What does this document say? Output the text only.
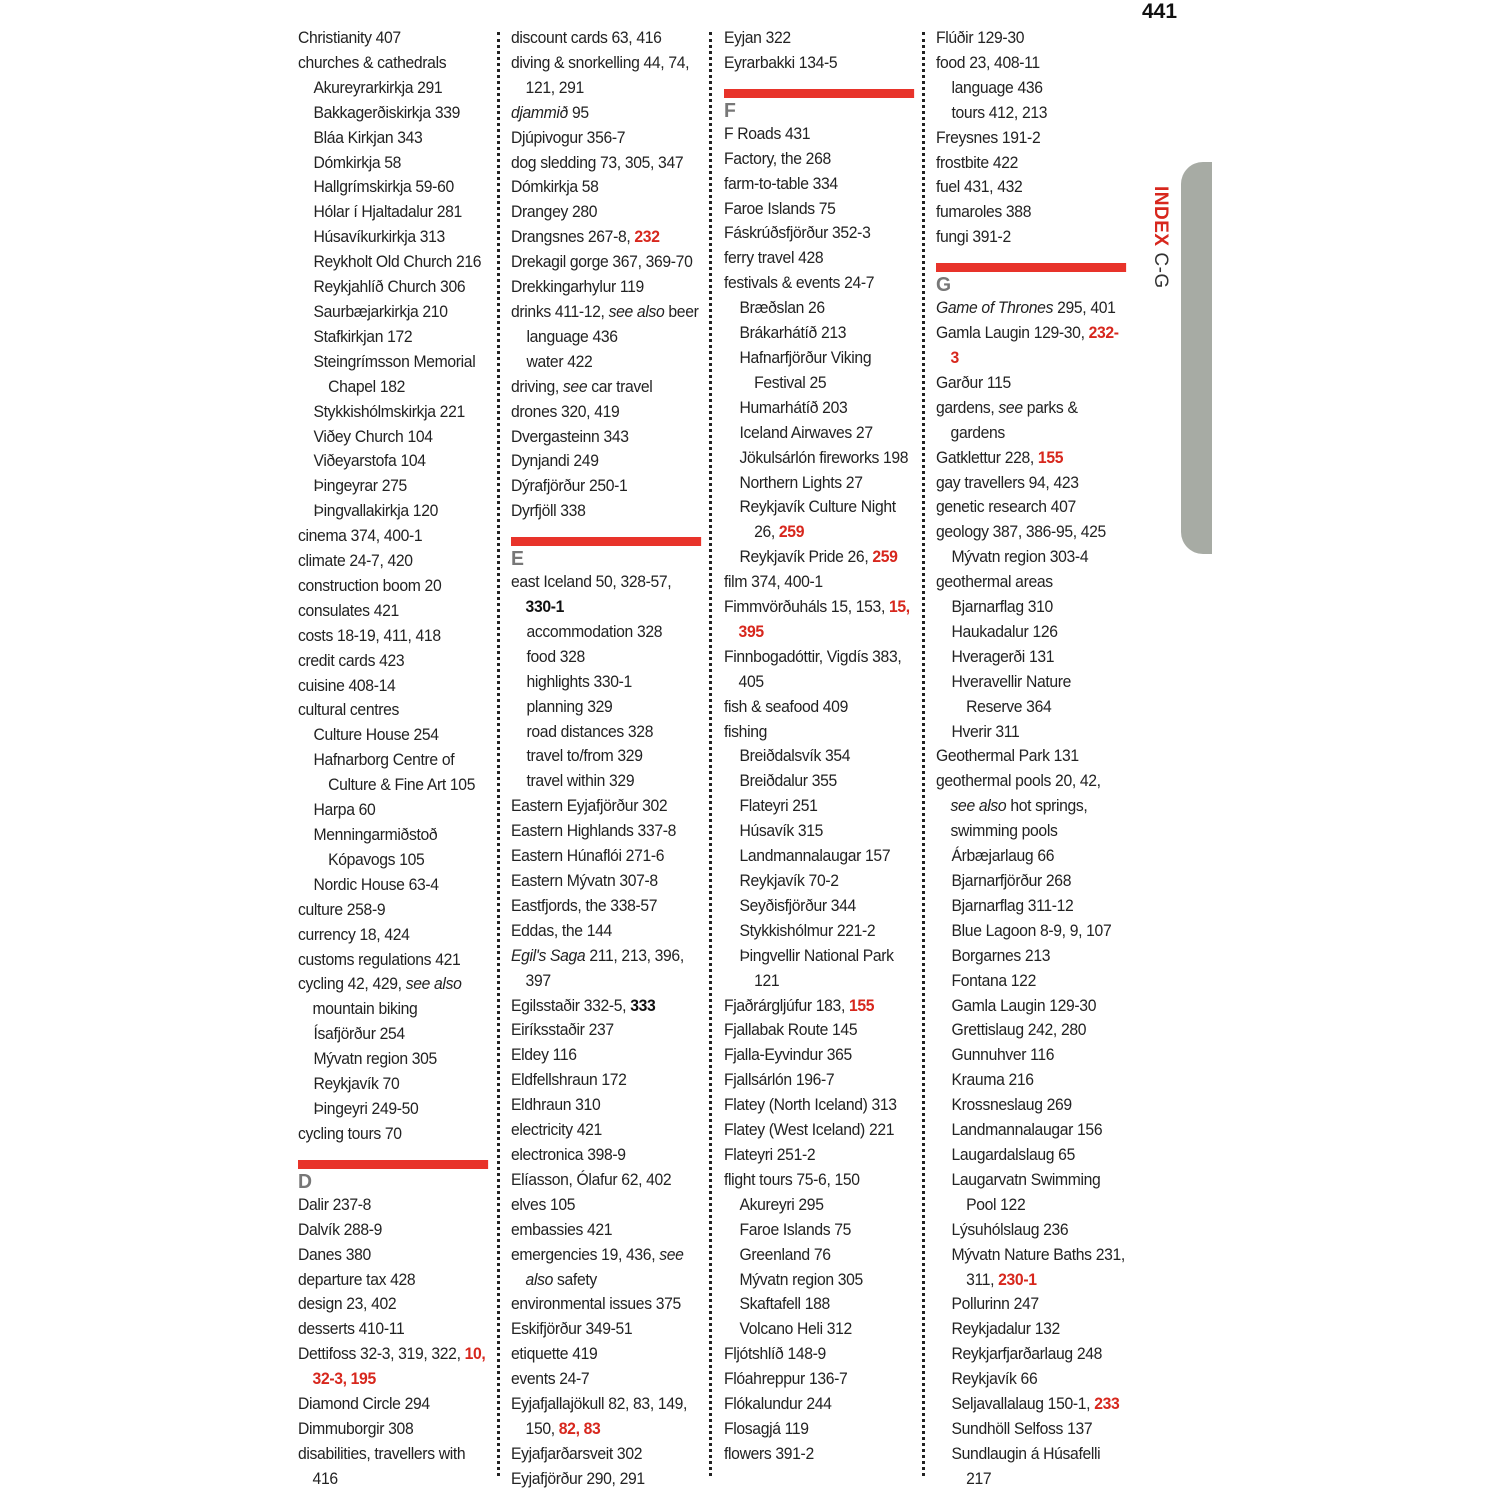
441
INDEX C-G
Christianity 407
churches & cathedrals
Akureyrarkirkja 291
Bakkagerðiskirkja 339
Bláa Kirkjan 343
Dómkirkja 58
Hallgrímskirkja 59-60
Hólar í Hjaltadalur 281
Húsavíkurkirkja 313
Reykholt Old Church 216
Reykjahlíð Church 306
Saurbæjarkirkja 210
Stafkirkjan 172
Steingrímsson Memorial Chapel 182
Stykkishólmskirkja 221
Viðey Church 104
Viðeyarstofa 104
Þingeyrar 275
Þingvallakirkja 120
cinema 374, 400-1
climate 24-7, 420
construction boom 20
consulates 421
costs 18-19, 411, 418
credit cards 423
cuisine 408-14
cultural centres
Culture House 254
Hafnarborg Centre of Culture & Fine Art 105
Harpa 60
Menningarmiðstoð Kópavogs 105
Nordic House 63-4
culture 258-9
currency 18, 424
customs regulations 421
cycling 42, 429, see also mountain biking
Ísafjörður 254
Mývatn region 305
Reykjavík 70
Þingeyri 249-50
cycling tours 70
D
Dalir 237-8
Dalvík 288-9
Danes 380
departure tax 428
design 23, 402
desserts 410-11
Dettifoss 32-3, 319, 322, 10, 32-3, 195
Diamond Circle 294
Dimmuborgir 308
disabilities, travellers with 416
discount cards 63, 416
diving & snorkelling 44, 74, 121, 291
djammið 95
Djúpivogur 356-7
dog sledding 73, 305, 347
Dómkirkja 58
Drangey 280
Drangsnes 267-8, 232
Drekagil gorge 367, 369-70
Drekkingarhylur 119
drinks 411-12, see also beer
language 436
water 422
driving, see car travel
drones 320, 419
Dvergasteinn 343
Dynjandi 249
Dýrafjörður 250-1
Dyrfjöll 338
E
east Iceland 50, 328-57, 330-1
accommodation 328
food 328
highlights 330-1
planning 329
road distances 328
travel to/from 329
travel within 329
Eastern Eyjafjörður 302
Eastern Highlands 337-8
Eastern Húnaflói 271-6
Eastern Mývatn 307-8
Eastfjords, the 338-57
Eddas, the 144
Egil's Saga 211, 213, 396, 397
Egilsstaðir 332-5, 333
Eiríksstaðir 237
Eldey 116
Eldfellshraun 172
Eldhraun 310
electricity 421
electronica 398-9
Elíasson, Ólafur 62, 402
elves 105
embassies 421
emergencies 19, 436, see also safety
environmental issues 375
Eskifjörður 349-51
etiquette 419
events 24-7
Eyjafjallajökull 82, 83, 149, 150, 82, 83
Eyjafjarðarsveit 302
Eyjafjörður 290, 291
Eyjan 322
Eyrarbakki 134-5
F
F Roads 431
Factory, the 268
farm-to-table 334
Faroe Islands 75
Fáskrúðsfjörður 352-3
ferry travel 428
festivals & events 24-7
Bræðslan 26
Brákarhátíð 213
Hafnarfjörður Viking Festival 25
Humarhátíð 203
Iceland Airwaves 27
Jökulsárlón fireworks 198
Northern Lights 27
Reykjavík Culture Night 26, 259
Reykjavík Pride 26, 259
film 374, 400-1
Fimmvörðuháls 15, 153, 15, 395
Finnbogadóttir, Vigdís 383, 405
fish & seafood 409
fishing
Breiðdalsvík 354
Breiðdalur 355
Flateyri 251
Húsavík 315
Landmannalaugar 157
Reykjavík 70-2
Seyðisfjörður 344
Stykkishólmur 221-2
Þingvellir National Park 121
Fjaðrárgljúfur 183, 155
Fjallabak Route 145
Fjalla-Eyvindur 365
Fjallsárlón 196-7
Flatey (North Iceland) 313
Flatey (West Iceland) 221
Flateyri 251-2
flight tours 75-6, 150
Akureyri 295
Faroe Islands 75
Greenland 76
Mývatn region 305
Skaftafell 188
Volcano Heli 312
Fljótshlíð 148-9
Flóahreppur 136-7
Flókalundur 244
Flosagjá 119
flowers 391-2
Flúðir 129-30
food 23, 408-11
language 436
tours 412, 213
Freysnes 191-2
frostbite 422
fuel 431, 432
fumaroles 388
fungi 391-2
G
Game of Thrones 295, 401
Gamla Laugin 129-30, 232-3
Garður 115
gardens, see parks & gardens
Gatklettur 228, 155
gay travellers 94, 423
genetic research 407
geology 387, 386-95, 425
Mývatn region 303-4
geothermal areas
Bjarnarflag 310
Haukadalur 126
Hveragerði 131
Hveravellir Nature Reserve 364
Hverir 311
Geothermal Park 131
geothermal pools 20, 42, see also hot springs, swimming pools
Árbæjarlaug 66
Bjarnarfjörður 268
Bjarnarflag 311-12
Blue Lagoon 8-9, 9, 107
Borgarnes 213
Fontana 122
Gamla Laugin 129-30
Grettislaug 242, 280
Gunnuhver 116
Krauma 216
Krossneslaug 269
Landmannalaugar 156
Laugardalslaug 65
Laugarvatn Swimming Pool 122
Lýsuhólslaug 236
Mývatn Nature Baths 231, 311, 230-1
Pollurinn 247
Reykjadalur 132
Reykjarfjarðarlaug 248
Reykjavík 66
Seljavallalaug 150-1, 233
Sundhöll Selfoss 137
Sundlaugin á Húsafelli 217
